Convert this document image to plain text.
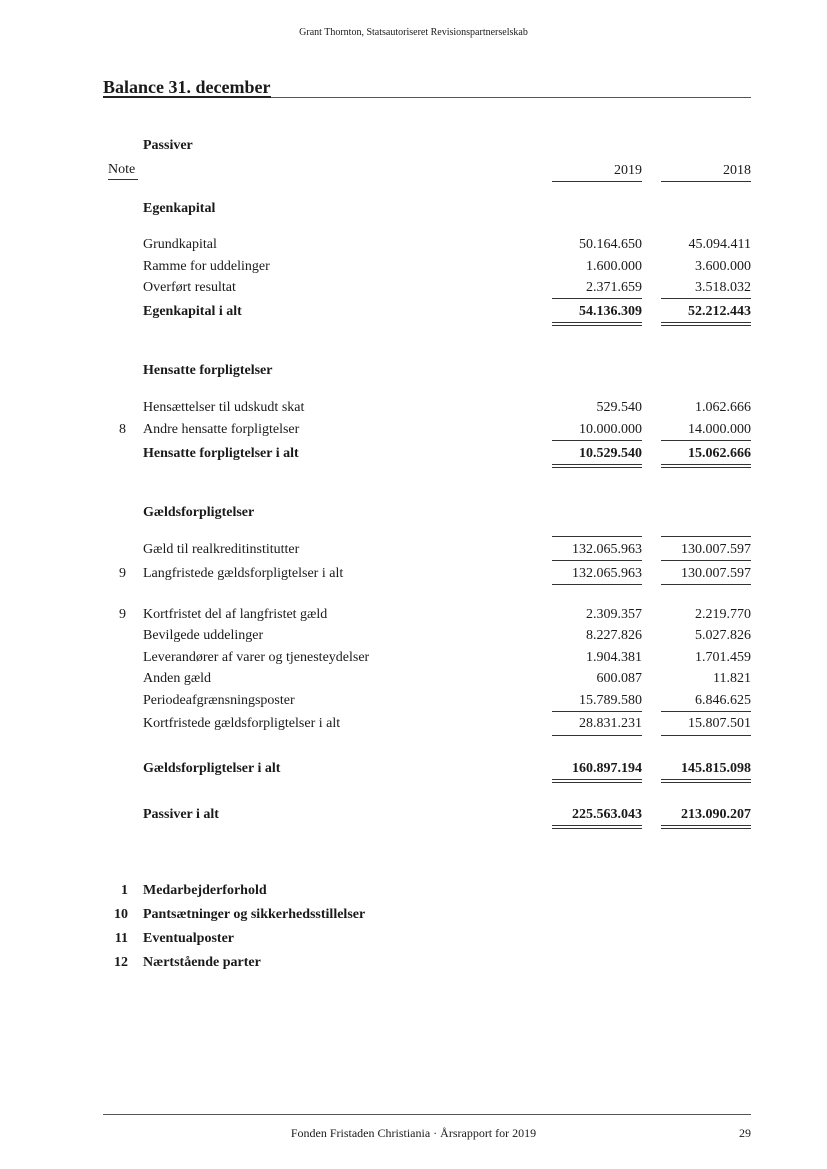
Grant Thornton, Statsautoriseret Revisionspartnerselskab
Balance 31. december
Passiver
Note	2019	2018
Egenkapital
Grundkapital	50.164.650	45.094.411
Ramme for uddelinger	1.600.000	3.600.000
Overført resultat	2.371.659	3.518.032
Egenkapital i alt	54.136.309	52.212.443
Hensatte forpligtelser
Hensættelser til udskudt skat	529.540	1.062.666
8 Andre hensatte forpligtelser	10.000.000	14.000.000
Hensatte forpligtelser i alt	10.529.540	15.062.666
Gældsforpligtelser
Gæld til realkreditinstitutter	132.065.963	130.007.597
9 Langfristede gældsforpligtelser i alt	132.065.963	130.007.597
9 Kortfristet del af langfristet gæld	2.309.357	2.219.770
Bevilgede uddelinger	8.227.826	5.027.826
Leverandører af varer og tjenesteydelser	1.904.381	1.701.459
Anden gæld	600.087	11.821
Periodeafgrænsningsposter	15.789.580	6.846.625
Kortfristede gældsforpligtelser i alt	28.831.231	15.807.501
Gældsforpligtelser i alt	160.897.194	145.815.098
Passiver i alt	225.563.043	213.090.207
1 Medarbejderforhold
10 Pantsætninger og sikkerhedsstillelser
11 Eventualposter
12 Nærtstående parter
Fonden Fristaden Christiania · Årsrapport for 2019	29
